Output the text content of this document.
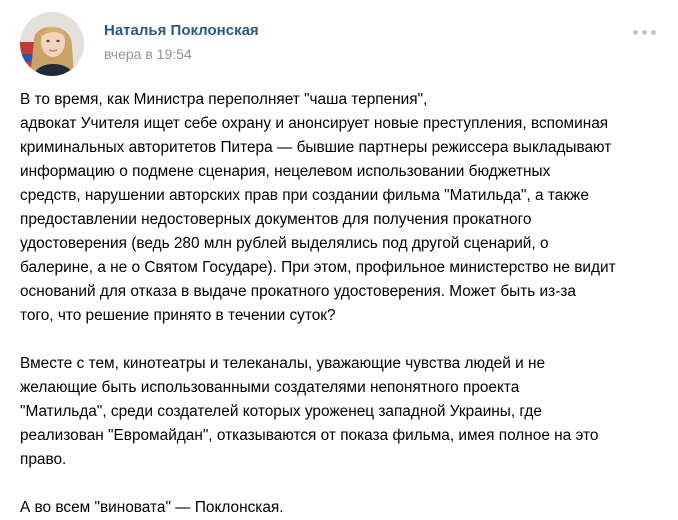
Наталья Поклонская
вчера в 19:54
В то время, как Министра переполняет "чаша терпения",
адвокат Учителя ищет себе охрану и анонсирует новые преступления, вспоминая
криминальных авторитетов Питера — бывшие партнеры режиссера выкладывают
информацию о подмене сценария, нецелевом использовании бюджетных
средств, нарушении авторских прав при создании фильма "Матильда", а также
предоставлении недостоверных документов для получения прокатного
удостоверения (ведь 280 млн рублей выделялись под другой сценарий, о
балерине, а не о Святом Государе). При этом, профильное министерство не видит
оснований для отказа в выдаче прокатного удостоверения. Может быть из-за
того, что решение принято в течении суток?
Вместе с тем, кинотеатры и телеканалы, уважающие чувства людей и не
желающие быть использованными создателями непонятного проекта
"Матильда", среди создателей которых уроженец западной Украины, где
реализован "Евромайдан", отказываются от показа фильма, имея полное на это
право.
А во всем "виновата" — Поклонская.
